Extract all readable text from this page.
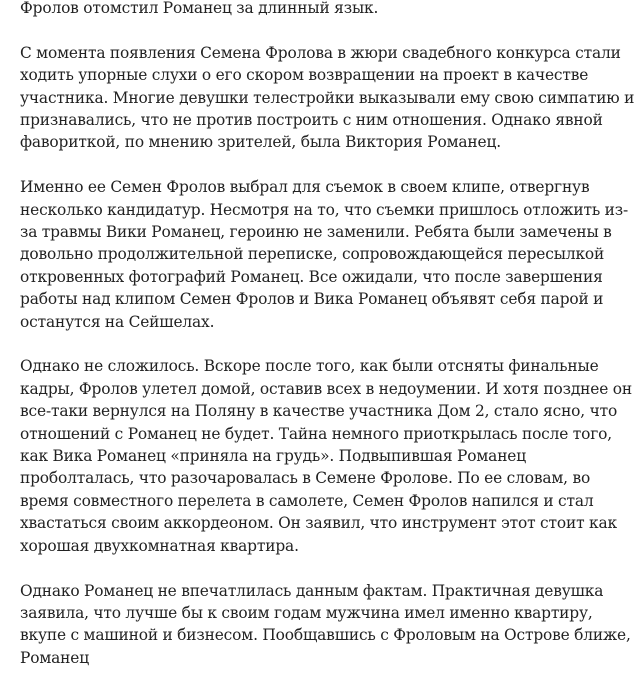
Фролов отомстил Романец за длинный язык.

С момента появления Семена Фролова в жюри свадебного конкурса стали ходить упорные слухи о его скором возвращении на проект в качестве участника. Многие девушки телестройки выказывали ему свою симпатию и признавались, что не против построить с ним отношения. Однако явной фавориткой, по мнению зрителей, была Виктория Романец.

Именно ее Семен Фролов выбрал для съемок в своем клипе, отвергнув несколько кандидатур. Несмотря на то, что съемки пришлось отложить из-за травмы Вики Романец, героиню не заменили. Ребята были замечены в довольно продолжительной переписке, сопровождающейся пересылкой откровенных фотографий Романец. Все ожидали, что после завершения работы над клипом Семен Фролов и Вика Романец объявят себя парой и останутся на Сейшелах.

Однако не сложилось. Вскоре после того, как были отсняты финальные кадры, Фролов улетел домой, оставив всех в недоумении. И хотя позднее он все-таки вернулся на Поляну в качестве участника Дом 2, стало ясно, что отношений с Романец не будет. Тайна немного приоткрылась после того, как Вика Романец «приняла на грудь». Подвыпившая Романец проболталась, что разочаровалась в Семене Фролове. По ее словам, во время совместного перелета в самолете, Семен Фролов напился и стал хвастаться своим аккордеоном. Он заявил, что инструмент этот стоит как хорошая двухкомнатная квартира.

Однако Романец не впечатлилась данным фактам. Практичная девушка заявила, что лучше бы к своим годам мужчина имел именно квартиру, вкупе с машиной и бизнесом. Пообщавшись с Фроловым на Острове ближе, Романец
